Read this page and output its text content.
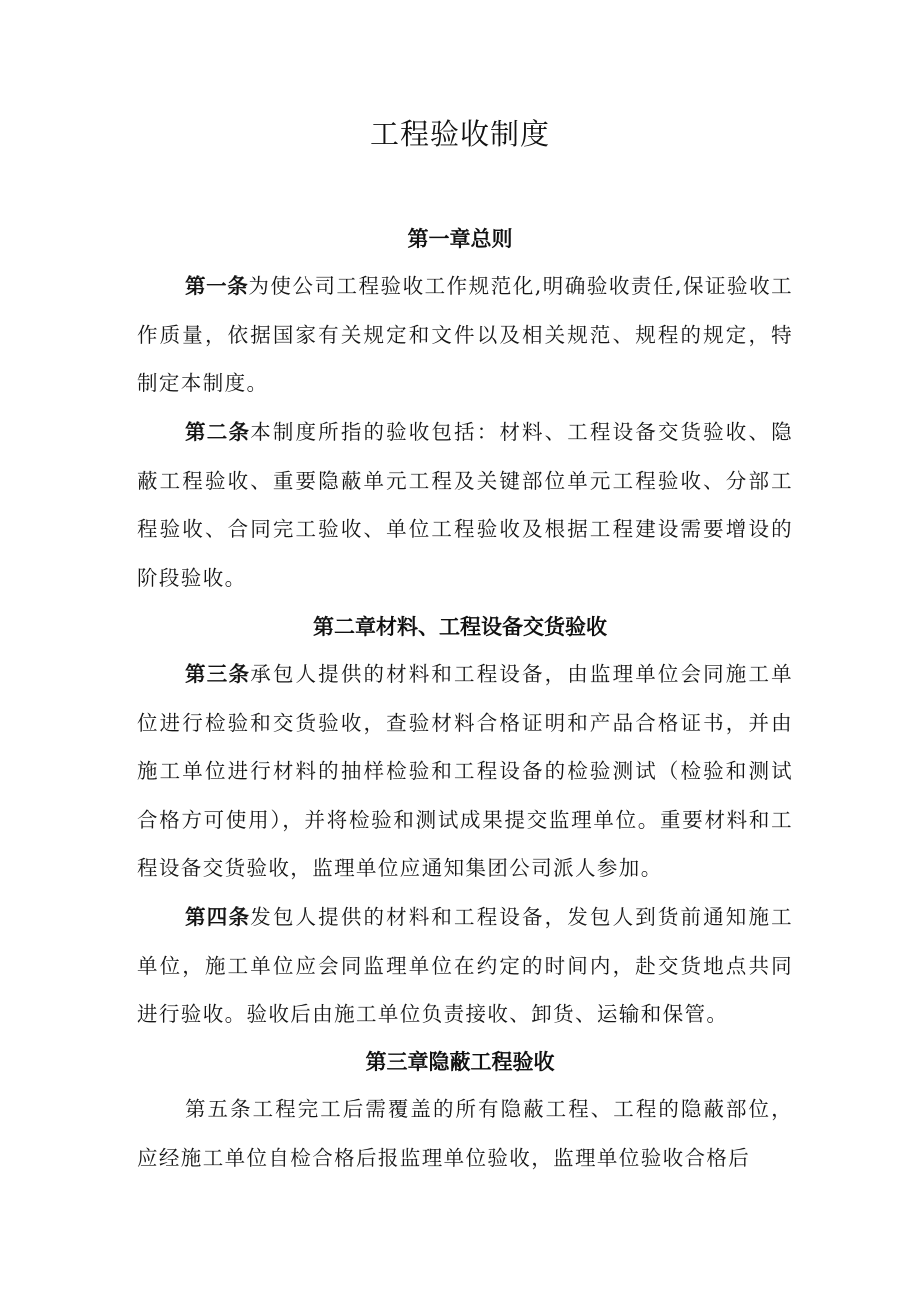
工程验收制度
第一章总则
第一条为使公司工程验收工作规范化,明确验收责任,保证验收工作质量，依据国家有关规定和文件以及相关规范、规程的规定，特制定本制度。
第二条本制度所指的验收包括：材料、工程设备交货验收、隐蔽工程验收、重要隐蔽单元工程及关键部位单元工程验收、分部工程验收、合同完工验收、单位工程验收及根据工程建设需要增设的阶段验收。
第二章材料、工程设备交货验收
第三条承包人提供的材料和工程设备，由监理单位会同施工单位进行检验和交货验收，查验材料合格证明和产品合格证书，并由施工单位进行材料的抽样检验和工程设备的检验测试（检验和测试合格方可使用），并将检验和测试成果提交监理单位。重要材料和工程设备交货验收，监理单位应通知集团公司派人参加。
第四条发包人提供的材料和工程设备，发包人到货前通知施工单位，施工单位应会同监理单位在约定的时间内，赴交货地点共同进行验收。验收后由施工单位负责接收、卸货、运输和保管。
第三章隐蔽工程验收
第五条工程完工后需覆盖的所有隐蔽工程、工程的隐蔽部位，应经施工单位自检合格后报监理单位验收，监理单位验收合格后
